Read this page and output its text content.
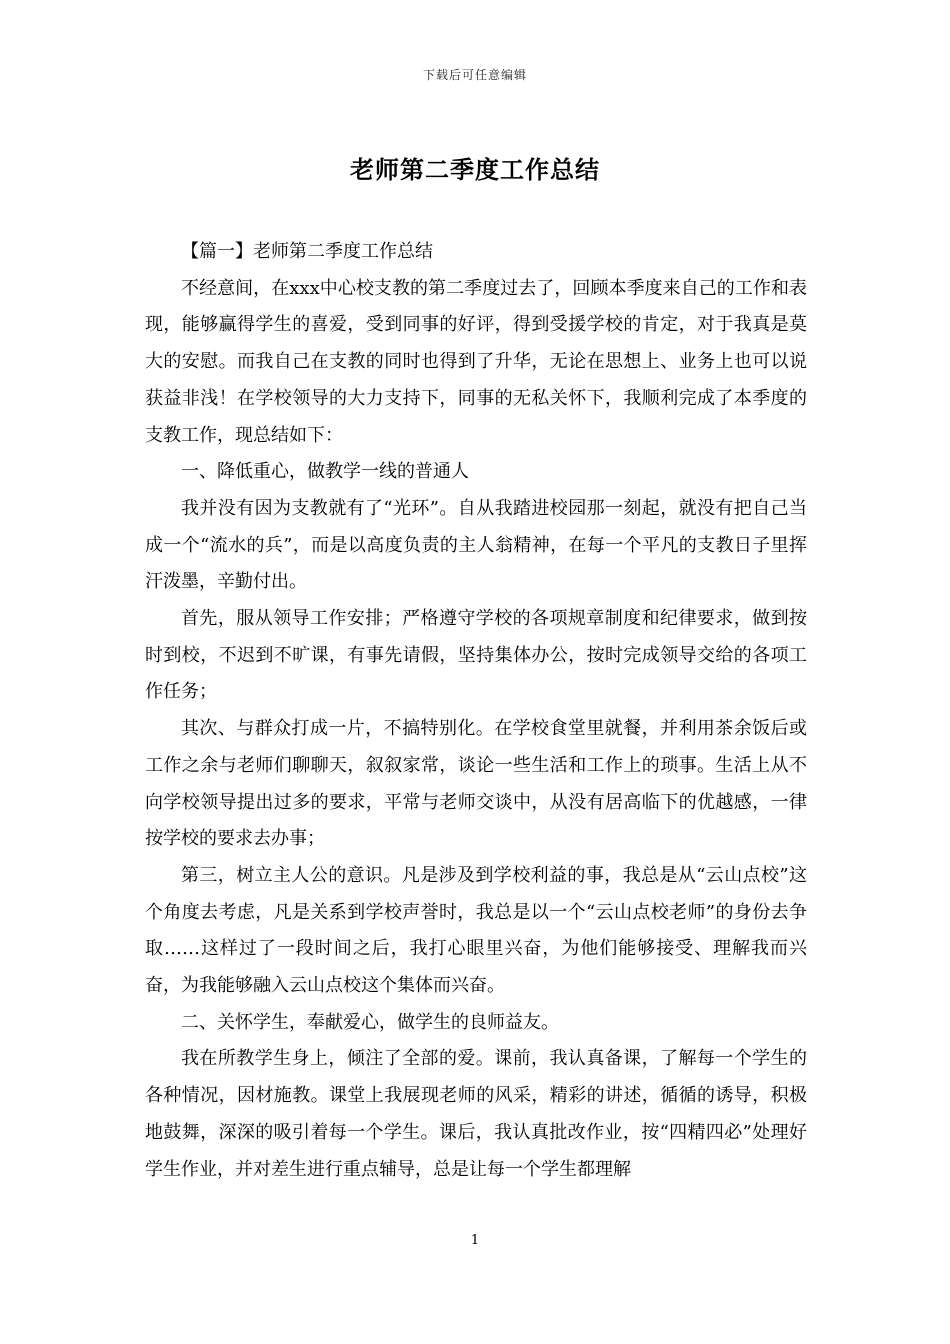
下载后可任意编辑
老师第二季度工作总结

【篇一】老师第二季度工作总结

不经意间，在xxx中心校支教的第二季度过去了，回顾本季度来自己的工作和表现，能够赢得学生的喜爱，受到同事的好评，得到受援学校的肯定，对于我真是莫大的安慰。而我自己在支教的同时也得到了升华，无论在思想上、业务上也可以说获益非浅！在学校领导的大力支持下，同事的无私关怀下，我顺利完成了本季度的支教工作，现总结如下：

一、降低重心，做教学一线的普通人

我并没有因为支教就有了“光环”。自从我踏进校园那一刻起，就没有把自己当成一个“流水的兵”，而是以高度负责的主人翁精神，在每一个平凡的支教日子里挥汗泼墨，辛勤付出。

首先，服从领导工作安排；严格遵守学校的各项规章制度和纪律要求，做到按时到校，不迟到不旷课，有事先请假，坚持集体办公，按时完成领导交给的各项工作任务；

其次、与群众打成一片，不搞特别化。在学校食堂里就餐，并利用茶余饭后或工作之余与老师们聊聊天，叙叙家常，谈论一些生活和工作上的琐事。生活上从不向学校领导提出过多的要求，平常与老师交谈中，从没有居高临下的优越感，一律按学校的要求去办事；

第三，树立主人公的意识。凡是涉及到学校利益的事，我总是从“云山点校”这个角度去考虑，凡是关系到学校声誉时，我总是以一个“云山点校老师”的身份去争取……这样过了一段时间之后，我打心眼里兴奋，为他们能够接受、理解我而兴奋，为我能够融入云山点校这个集体而兴奋。

二、关怀学生，奉献爱心，做学生的良师益友。

我在所教学生身上，倾注了全部的爱。课前，我认真备课，了解每一个学生的各种情况，因材施教。课堂上我展现老师的风采，精彩的讲述，循循的诱导，积极地鼓舞，深深的吸引着每一个学生。课后，我认真批改作业，按“四精四必”处理好学生作业，并对差生进行重点辅导，总是让每一个学生都理解

1
